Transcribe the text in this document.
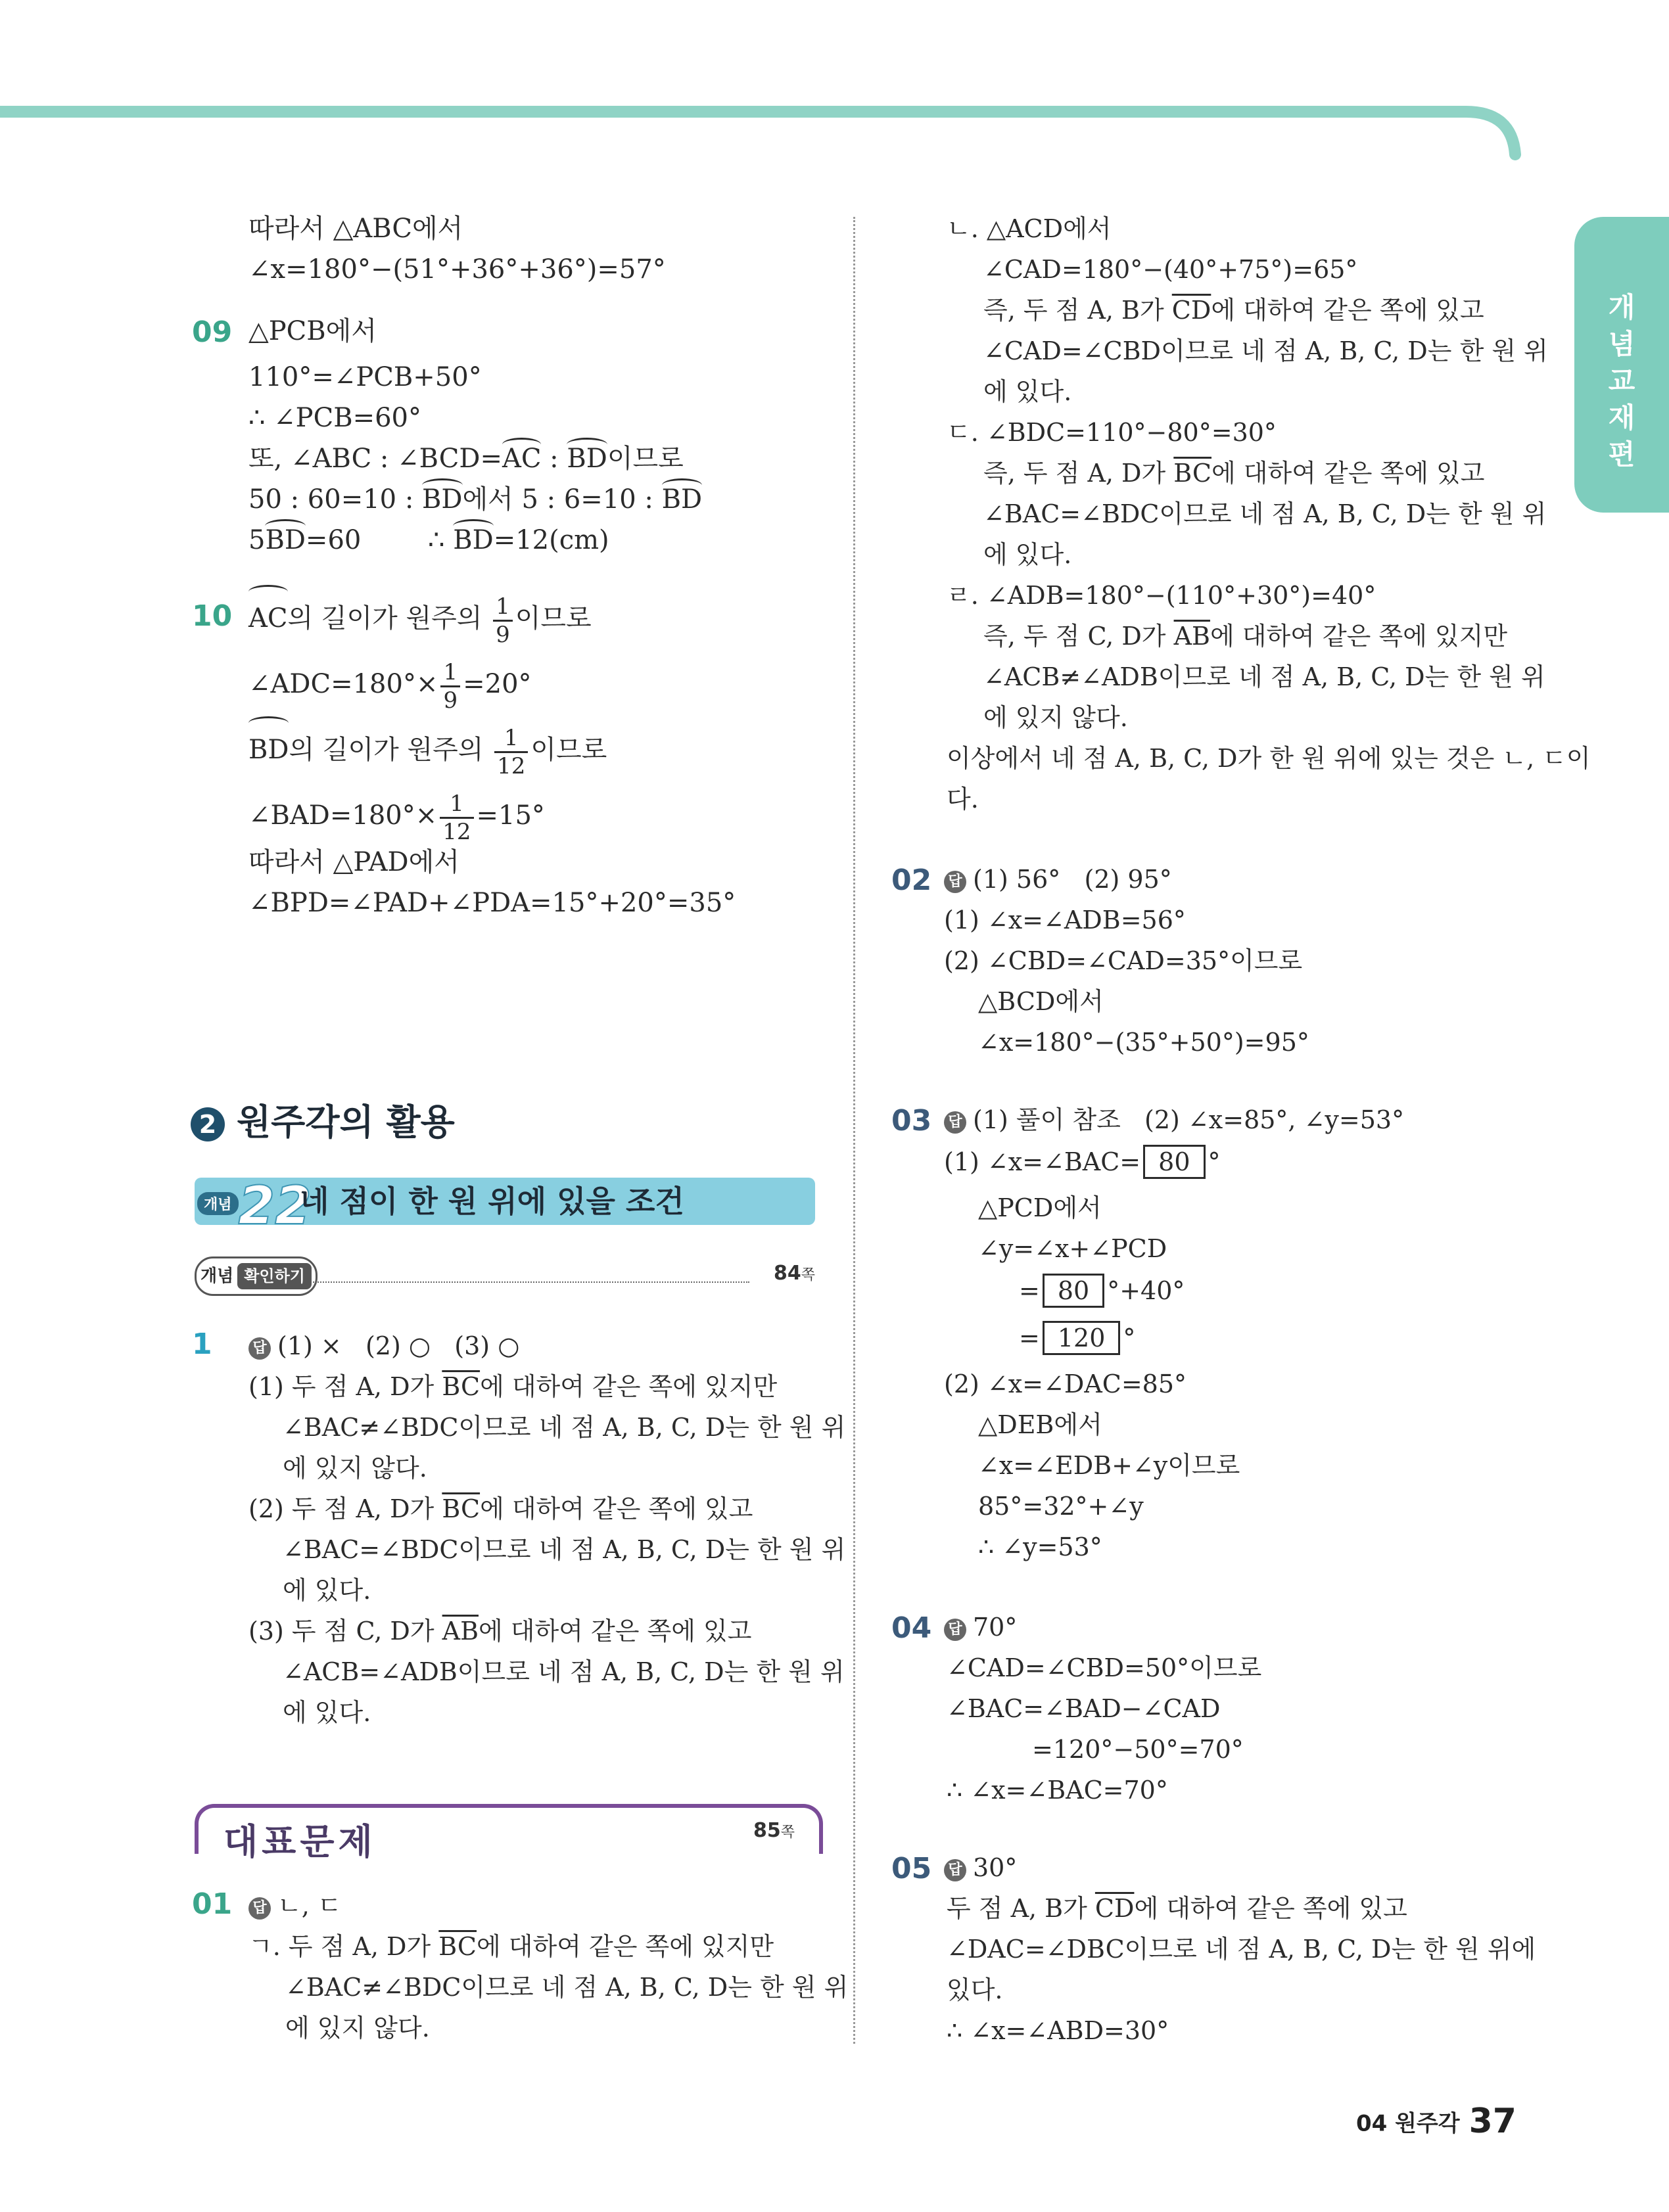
개념교재편
따라서 △ABC에서
∠x=180°−(51°+36°+36°)=57°
09 △PCB에서
110°=∠PCB+50°
∴ ∠PCB=60°
또, ∠ABC : ∠BCD=AC : BD이므로
50 : 60=10 : BD에서 5 : 6=10 : BD
5BD=60        ∴ BD=12(cm)
10 AC의 길이가 원주의 $\frac{1}{9}$ 이므로
∠ADC=180°× $\frac{1}{9} =20^\circ$
BD의 길이가 원주의 $\frac{1}{12}$ 이므로
∠BAD=180°× $\frac{1}{12} =15^\circ$
따라서 △PAD에서
∠BPD=∠PAD+∠PDA=15°+20°=35°
2 원주각의 활용
개념 22
네 점이 한 원 위에 있을 조건
개념 확인하기	84쪽
1	답 (1) ×   (2) ○   (3) ○
(1) 두 점 A, D가 $\overline{BC}$에 대하여 같은 쪽에 있지만
∠BAC≠∠BDC이므로 네 점 A, B, C, D는 한 원 위
에 있지 않다.
(2) 두 점 A, D가 $\overline{BC}$에 대하여 같은 쪽에 있고
∠BAC=∠BDC이므로 네 점 A, B, C, D는 한 원 위
에 있다.
(3) 두 점 C, D가 $\overline{AB}$에 대하여 같은 쪽에 있고
∠ACB=∠ADB이므로 네 점 A, B, C, D는 한 원 위
에 있다.
대표문제	85쪽
01 답 ㄴ, ㄷ
ㄱ. 두 점 A, D가 $\overline{BC}$에 대하여 같은 쪽에 있지만
∠BAC≠∠BDC이므로 네 점 A, B, C, D는 한 원 위
에 있지 않다.
ㄴ. △ACD에서
∠CAD=180°−(40°+75°)=65°
즉, 두 점 A, B가 $\overline{CD}$에 대하여 같은 쪽에 있고
∠CAD=∠CBD이므로 네 점 A, B, C, D는 한 원 위
에 있다.
ㄷ. ∠BDC=110°−80°=30°
즉, 두 점 A, D가 $\overline{BC}$에 대하여 같은 쪽에 있고
∠BAC=∠BDC이므로 네 점 A, B, C, D는 한 원 위
에 있다.
ㄹ. ∠ADB=180°−(110°+30°)=40°
즉, 두 점 C, D가 $\overline{AB}$에 대하여 같은 쪽에 있지만
∠ACB≠∠ADB이므로 네 점 A, B, C, D는 한 원 위
에 있지 않다.
이상에서 네 점 A, B, C, D가 한 원 위에 있는 것은 ㄴ, ㄷ이
다.
02 답 (1) 56°   (2) 95°
(1) ∠x=∠ADB=56°
(2) ∠CBD=∠CAD=35°이므로
△BCD에서
∠x=180°−(35°+50°)=95°
03 답 (1) 풀이 참조   (2) ∠x=85°, ∠y=53°
(1) ∠x=∠BAC= 80 °
△PCD에서
∠y=∠x+∠PCD
= 80 °+40°
= 120 °
(2) ∠x=∠DAC=85°
△DEB에서
∠x=∠EDB+∠y이므로
85°=32°+∠y
∴ ∠y=53°
04 답 70°
∠CAD=∠CBD=50°이므로
∠BAC=∠BAD−∠CAD
=120°−50°=70°
∴ ∠x=∠BAC=70°
05 답 30°
두 점 A, B가 $\overline{CD}$에 대하여 같은 쪽에 있고
∠DAC=∠DBC이므로 네 점 A, B, C, D는 한 원 위에
있다.
∴ ∠x=∠ABD=30°
04 원주각 37
